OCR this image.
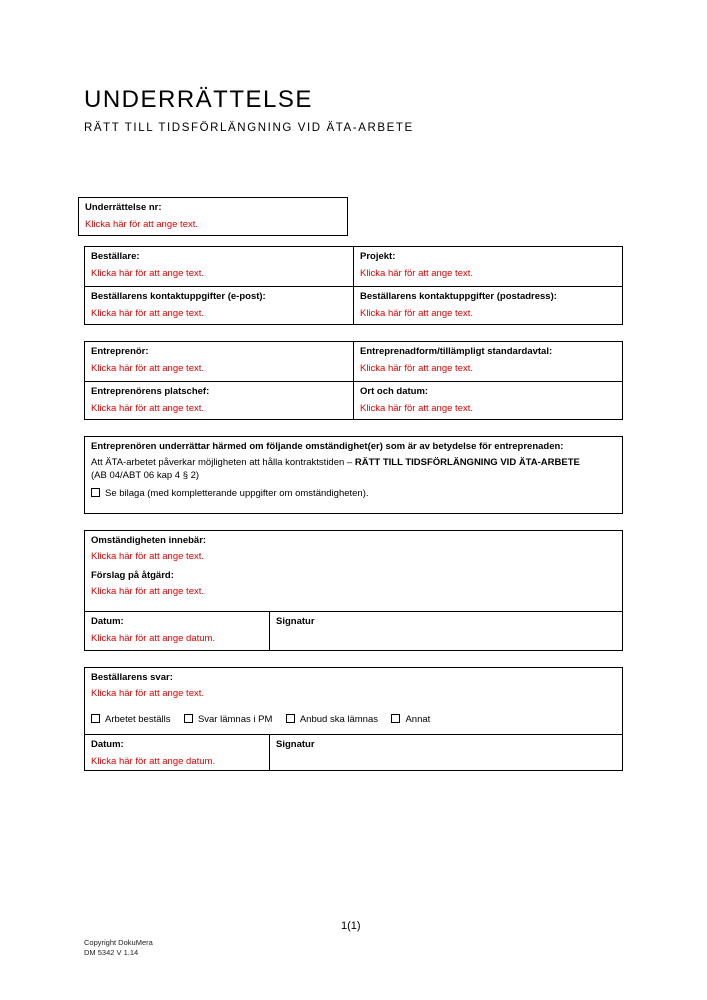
UNDERRÄTTELSE
RÄTT TILL TIDSFÖRLÄNGNING VID ÄTA-ARBETE
Underrättelse nr:
Klicka här för att ange text.
Beställare:
Klicka här för att ange text.
Projekt:
Klicka här för att ange text.
Beställarens kontaktuppgifter (e-post):
Klicka här för att ange text.
Beställarens kontaktuppgifter (postadress):
Klicka här för att ange text.
Entreprenör:
Klicka här för att ange text.
Entreprenadform/tillämpligt standardavtal:
Klicka här för att ange text.
Entreprenörens platschef:
Klicka här för att ange text.
Ort och datum:
Klicka här för att ange text.
Entreprenören underrättar härmed om följande omständighet(er) som är av betydelse för entreprenaden:
Att ÄTA-arbetet påverkar möjligheten att hålla kontraktstiden – RÄTT TILL TIDSFÖRLÄNGNING VID ÄTA-ARBETE
(AB 04/ABT 06 kap 4 § 2)
Se bilaga (med kompletterande uppgifter om omständigheten).
Omständigheten innebär:
Klicka här för att ange text.
Förslag på åtgärd:
Klicka här för att ange text.
Datum:
Klicka här för att ange datum.
Signatur
Beställarens svar:
Klicka här för att ange text.
Arbetet beställs	Svar lämnas i PM	Anbud ska lämnas	Annat
Datum:
Klicka här för att ange datum.
Signatur
1(1)
Copyright DokuMera
DM 5342 V 1.14
